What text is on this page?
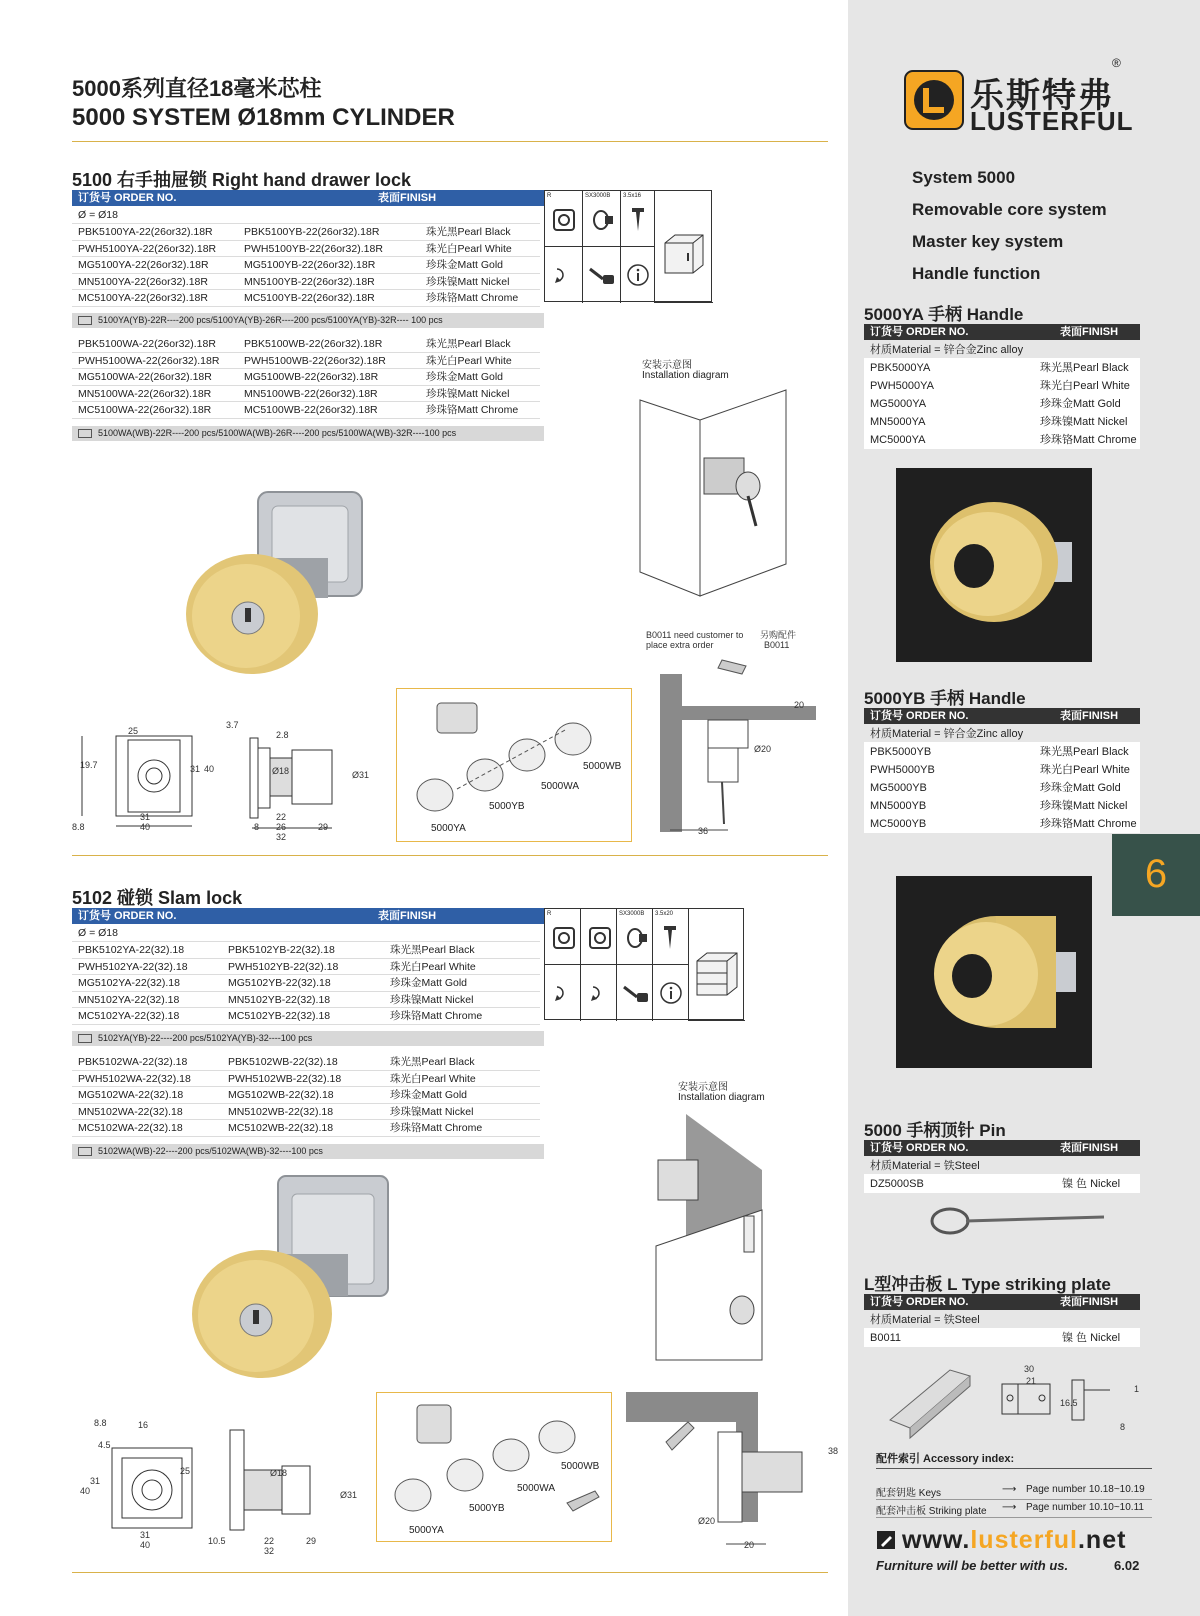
5000系列直径18毫米芯柱
5000 SYSTEM Ø18mm CYLINDER
5100 右手抽屉锁 Right hand drawer lock
订货号 ORDER NO.	表面FINISH
Ø = Ø18
PBK5100YA-22(26or32).18R	PBK5100YB-22(26or32).18R	珠光黑Pearl Black
PWH5100YA-22(26or32).18R	PWH5100YB-22(26or32).18R	珠光白Pearl White
MG5100YA-22(26or32).18R	MG5100YB-22(26or32).18R	珍珠金Matt Gold
MN5100YA-22(26or32).18R	MN5100YB-22(26or32).18R	珍珠镍Matt Nickel
MC5100YA-22(26or32).18R	MC5100YB-22(26or32).18R	珍珠铬Matt Chrome
5100YA(YB)-22R----200 pcs/5100YA(YB)-26R----200 pcs/5100YA(YB)-32R---- 100 pcs
PBK5100WA-22(26or32).18R	PBK5100WB-22(26or32).18R	珠光黑Pearl Black
PWH5100WA-22(26or32).18R PWH5100WB-22(26or32).18R	珠光白Pearl White
MG5100WA-22(26or32).18R	MG5100WB-22(26or32).18R	珍珠金Matt Gold
MN5100WA-22(26or32).18R	MN5100WB-22(26or32).18R	珍珠镍Matt Nickel
MC5100WA-22(26or32).18R	MC5100WB-22(26or32).18R	珍珠铬Matt Chrome
5100WA(WB)-22R----200 pcs/5100WA(WB)-26R----200 pcs/5100WA(WB)-32R----100 pcs
R	SX3000B	3.5x16
25
3.7
2.8
19.7	31 40	Ø18	Ø31
8.8
31
40	8
22
26
32
29
5000WB
5000WA
5000YB
5000YA
安装示意图
Installation diagram
B0011 need customer to place extra order
另购配件
B0011
20
Ø20
36
5102 碰锁 Slam lock
订货号 ORDER NO.	表面FINISH
Ø = Ø18
PBK5102YA-22(32).18	PBK5102YB-22(32).18	珠光黑Pearl Black
PWH5102YA-22(32).18	PWH5102YB-22(32).18	珠光白Pearl White
MG5102YA-22(32).18	MG5102YB-22(32).18	珍珠金Matt Gold
MN5102YA-22(32).18	MN5102YB-22(32).18	珍珠镍Matt Nickel
MC5102YA-22(32).18	MC5102YB-22(32).18	珍珠铬Matt Chrome
5102YA(YB)-22----200 pcs/5102YA(YB)-32----100 pcs
PBK5102WA-22(32).18	PBK5102WB-22(32).18	珠光黑Pearl Black
PWH5102WA-22(32).18	PWH5102WB-22(32).18	珠光白Pearl White
MG5102WA-22(32).18	MG5102WB-22(32).18	珍珠金Matt Gold
MN5102WA-22(32).18	MN5102WB-22(32).18	珍珠镍Matt Nickel
MC5102WA-22(32).18	MC5102WB-22(32).18	珍珠铬Matt Chrome
5102WA(WB)-22----200 pcs/5102WA(WB)-32----100 pcs
R	SX3000B	3.5x20
8.8	16
4.5
31
40
25
31
40
Ø18
Ø31
10.5	22
32
29
5000WB
5000WA
5000YB
5000YA
安装示意图
Installation diagram
38
Ø20
20
乐斯特弗
LUSTERFUL
®
System 5000
Removable core system
Master key system
Handle function
5000YA 手柄 Handle
订货号 ORDER NO.	表面FINISH
材质Material = 锌合金Zinc alloy
PBK5000YA	珠光黑Pearl Black
PWH5000YA	珠光白Pearl White
MG5000YA	珍珠金Matt Gold
MN5000YA	珍珠镍Matt Nickel
MC5000YA	珍珠铬Matt Chrome
5000YB 手柄 Handle
订货号 ORDER NO.	表面FINISH
材质Material = 锌合金Zinc alloy
PBK5000YB	珠光黑Pearl Black
PWH5000YB	珠光白Pearl White
MG5000YB	珍珠金Matt Gold
MN5000YB	珍珠镍Matt Nickel
MC5000YB	珍珠铬Matt Chrome
6
5000 手柄顶针 Pin
订货号 ORDER NO.	表面FINISH
材质Material = 铁Steel
DZ5000SB	镍 色 Nickel
L型冲击板 L Type striking plate
订货号 ORDER NO.	表面FINISH
材质Material = 铁Steel
B0011	镍 色 Nickel
30
21
16.5
1
8
配件索引 Accessory index:
配套钥匙 Keys	⟶ Page number 10.18~10.19
配套冲击板 Striking plate ⟶ Page number 10.10~10.11
www.lusterful.net
Furniture will be better with us.	6.02
